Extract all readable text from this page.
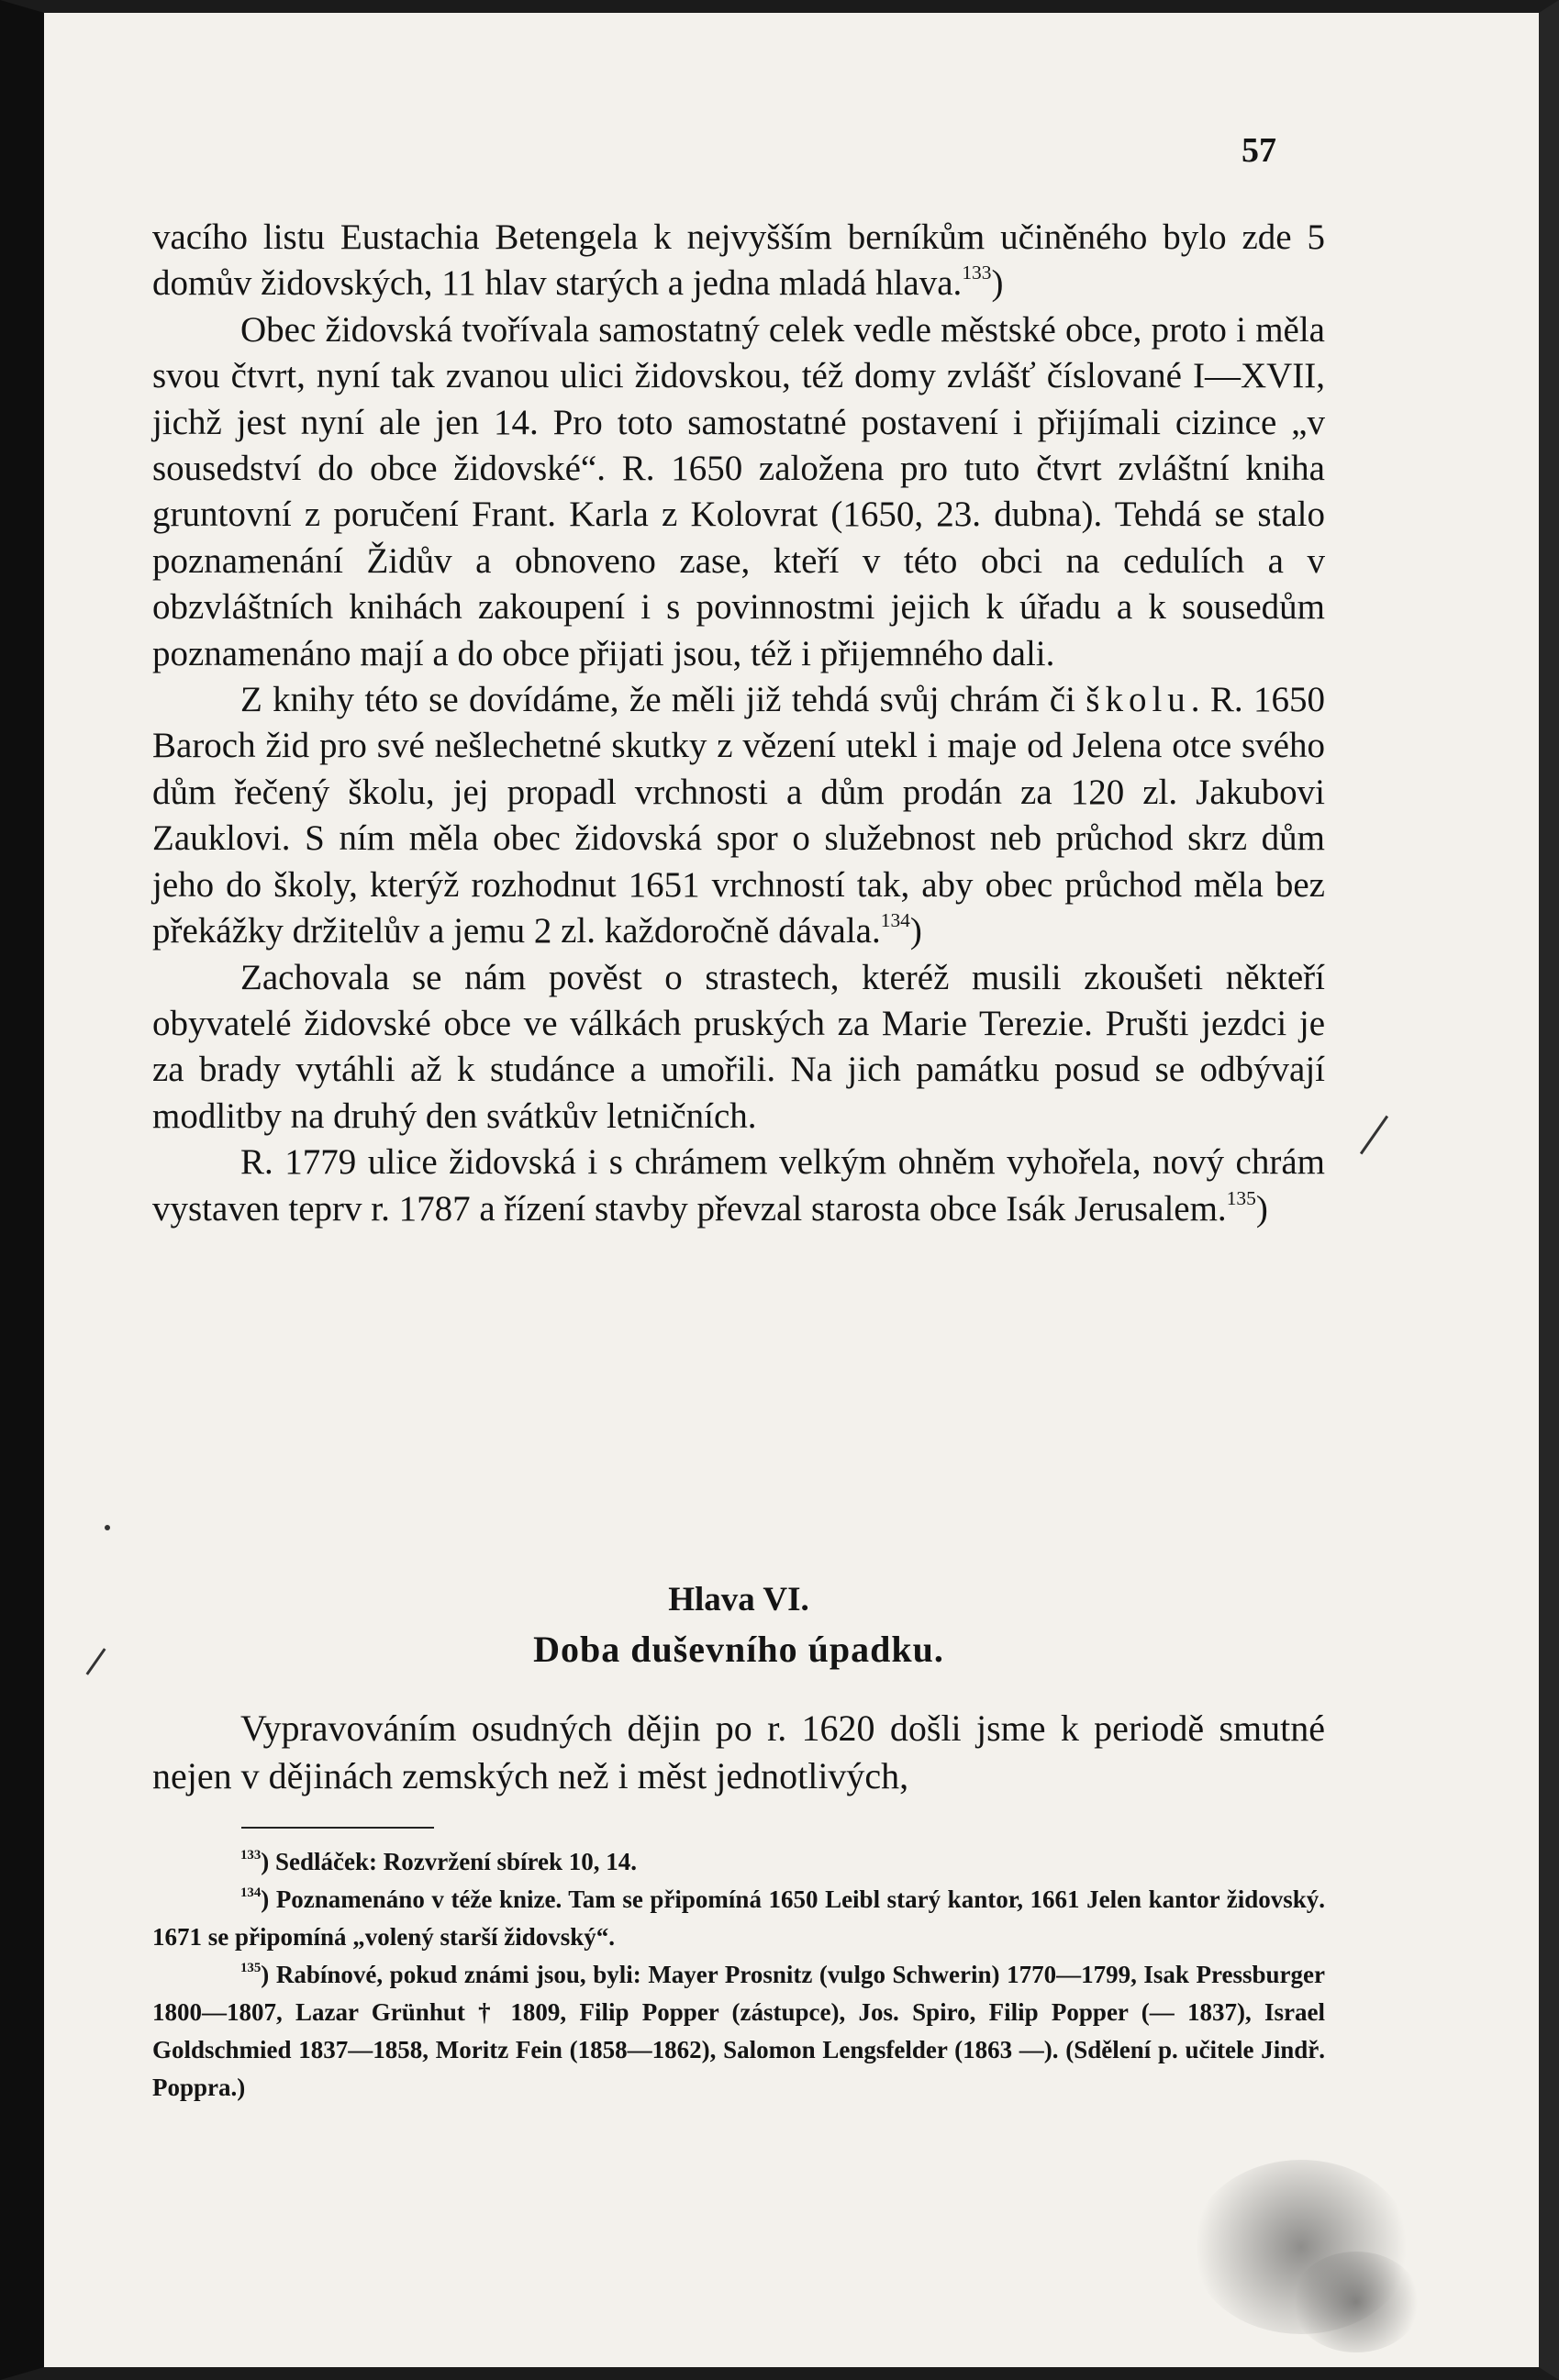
57

vacího listu Eustachia Betengela k nejvyšším berníkům učiněného bylo zde 5 domův židovských, 11 hlav starých a jedna mladá hlava.$^{133}$)

Obec židovská tvořívala samostatný celek vedle městské obce, proto i měla svou čtvrt, nyní tak zvanou ulici židovskou, též domy zvlášť číslované I—XVII, jichž jest nyní ale jen 14. Pro toto samostatné postavení i přijímali cizince „v sousedství do obce židovské“. R. 1650 založena pro tuto čtvrt zvláštní kniha gruntovní z poručení Frant. Karla z Kolovrat (1650, 23. dubna). Tehdá se stalo poznamenání Židův a obnoveno zase, kteří v této obci na cedulích a v obzvláštních knihách zakoupení i s povinnostmi jejich k úřadu a k sousedům poznamenáno mají a do obce přijati jsou, též i přijemného dali.

Z knihy této se dovídáme, že měli již tehdá svůj chrám či školu. R. 1650 Baroch žid pro své nešlechetné skutky z vězení utekl i maje od Jelena otce svého dům řečený školu, jej propadl vrchnosti a dům prodán za 120 zl. Jakubovi Zauklovi. S ním měla obec židovská spor o služebnost neb průchod skrz dům jeho do školy, kterýž rozhodnut 1651 vrchností tak, aby obec průchod měla bez překážky držitelův a jemu 2 zl. každoročně dávala.$^{134}$)

Zachovala se nám pověst o strastech, kteréž musili zkoušeti někteří obyvatelé židovské obce ve válkách pruských za Marie Terezie. Prušti jezdci je za brady vytáhli až k studánce a umořili. Na jich památku posud se odbývají modlitby na druhý den svátkův letničních.

R. 1779 ulice židovská i s chrámem velkým ohněm vyhořela, nový chrám vystaven teprv r. 1787 a řízení stavby převzal starosta obce Isák Jerusalem.$^{135}$)

Hlava VI.
Doba duševního úpadku.

Vypravováním osudných dějin po r. 1620 došli jsme k periodě smutné nejen v dějinách zemských než i měst jednotlivých,

$^{133}$) Sedláček: Rozvržení sbírek 10, 14.

$^{134}$) Poznamenáno v téže knize. Tam se připomíná 1650 Leibl starý kantor, 1661 Jelen kantor židovský. 1671 se připomíná „volený starší židovský“.

$^{135}$) Rabínové, pokud známi jsou, byli: Mayer Prosnitz (vulgo Schwerin) 1770—1799, Isak Pressburger 1800—1807, Lazar Grünhut † 1809, Filip Popper (zástupce), Jos. Spiro, Filip Popper (— 1837), Israel Goldschmied 1837—1858, Moritz Fein (1858—1862), Salomon Lengsfelder (1863 —). (Sdělení p. učitele Jindř. Poppra.)
